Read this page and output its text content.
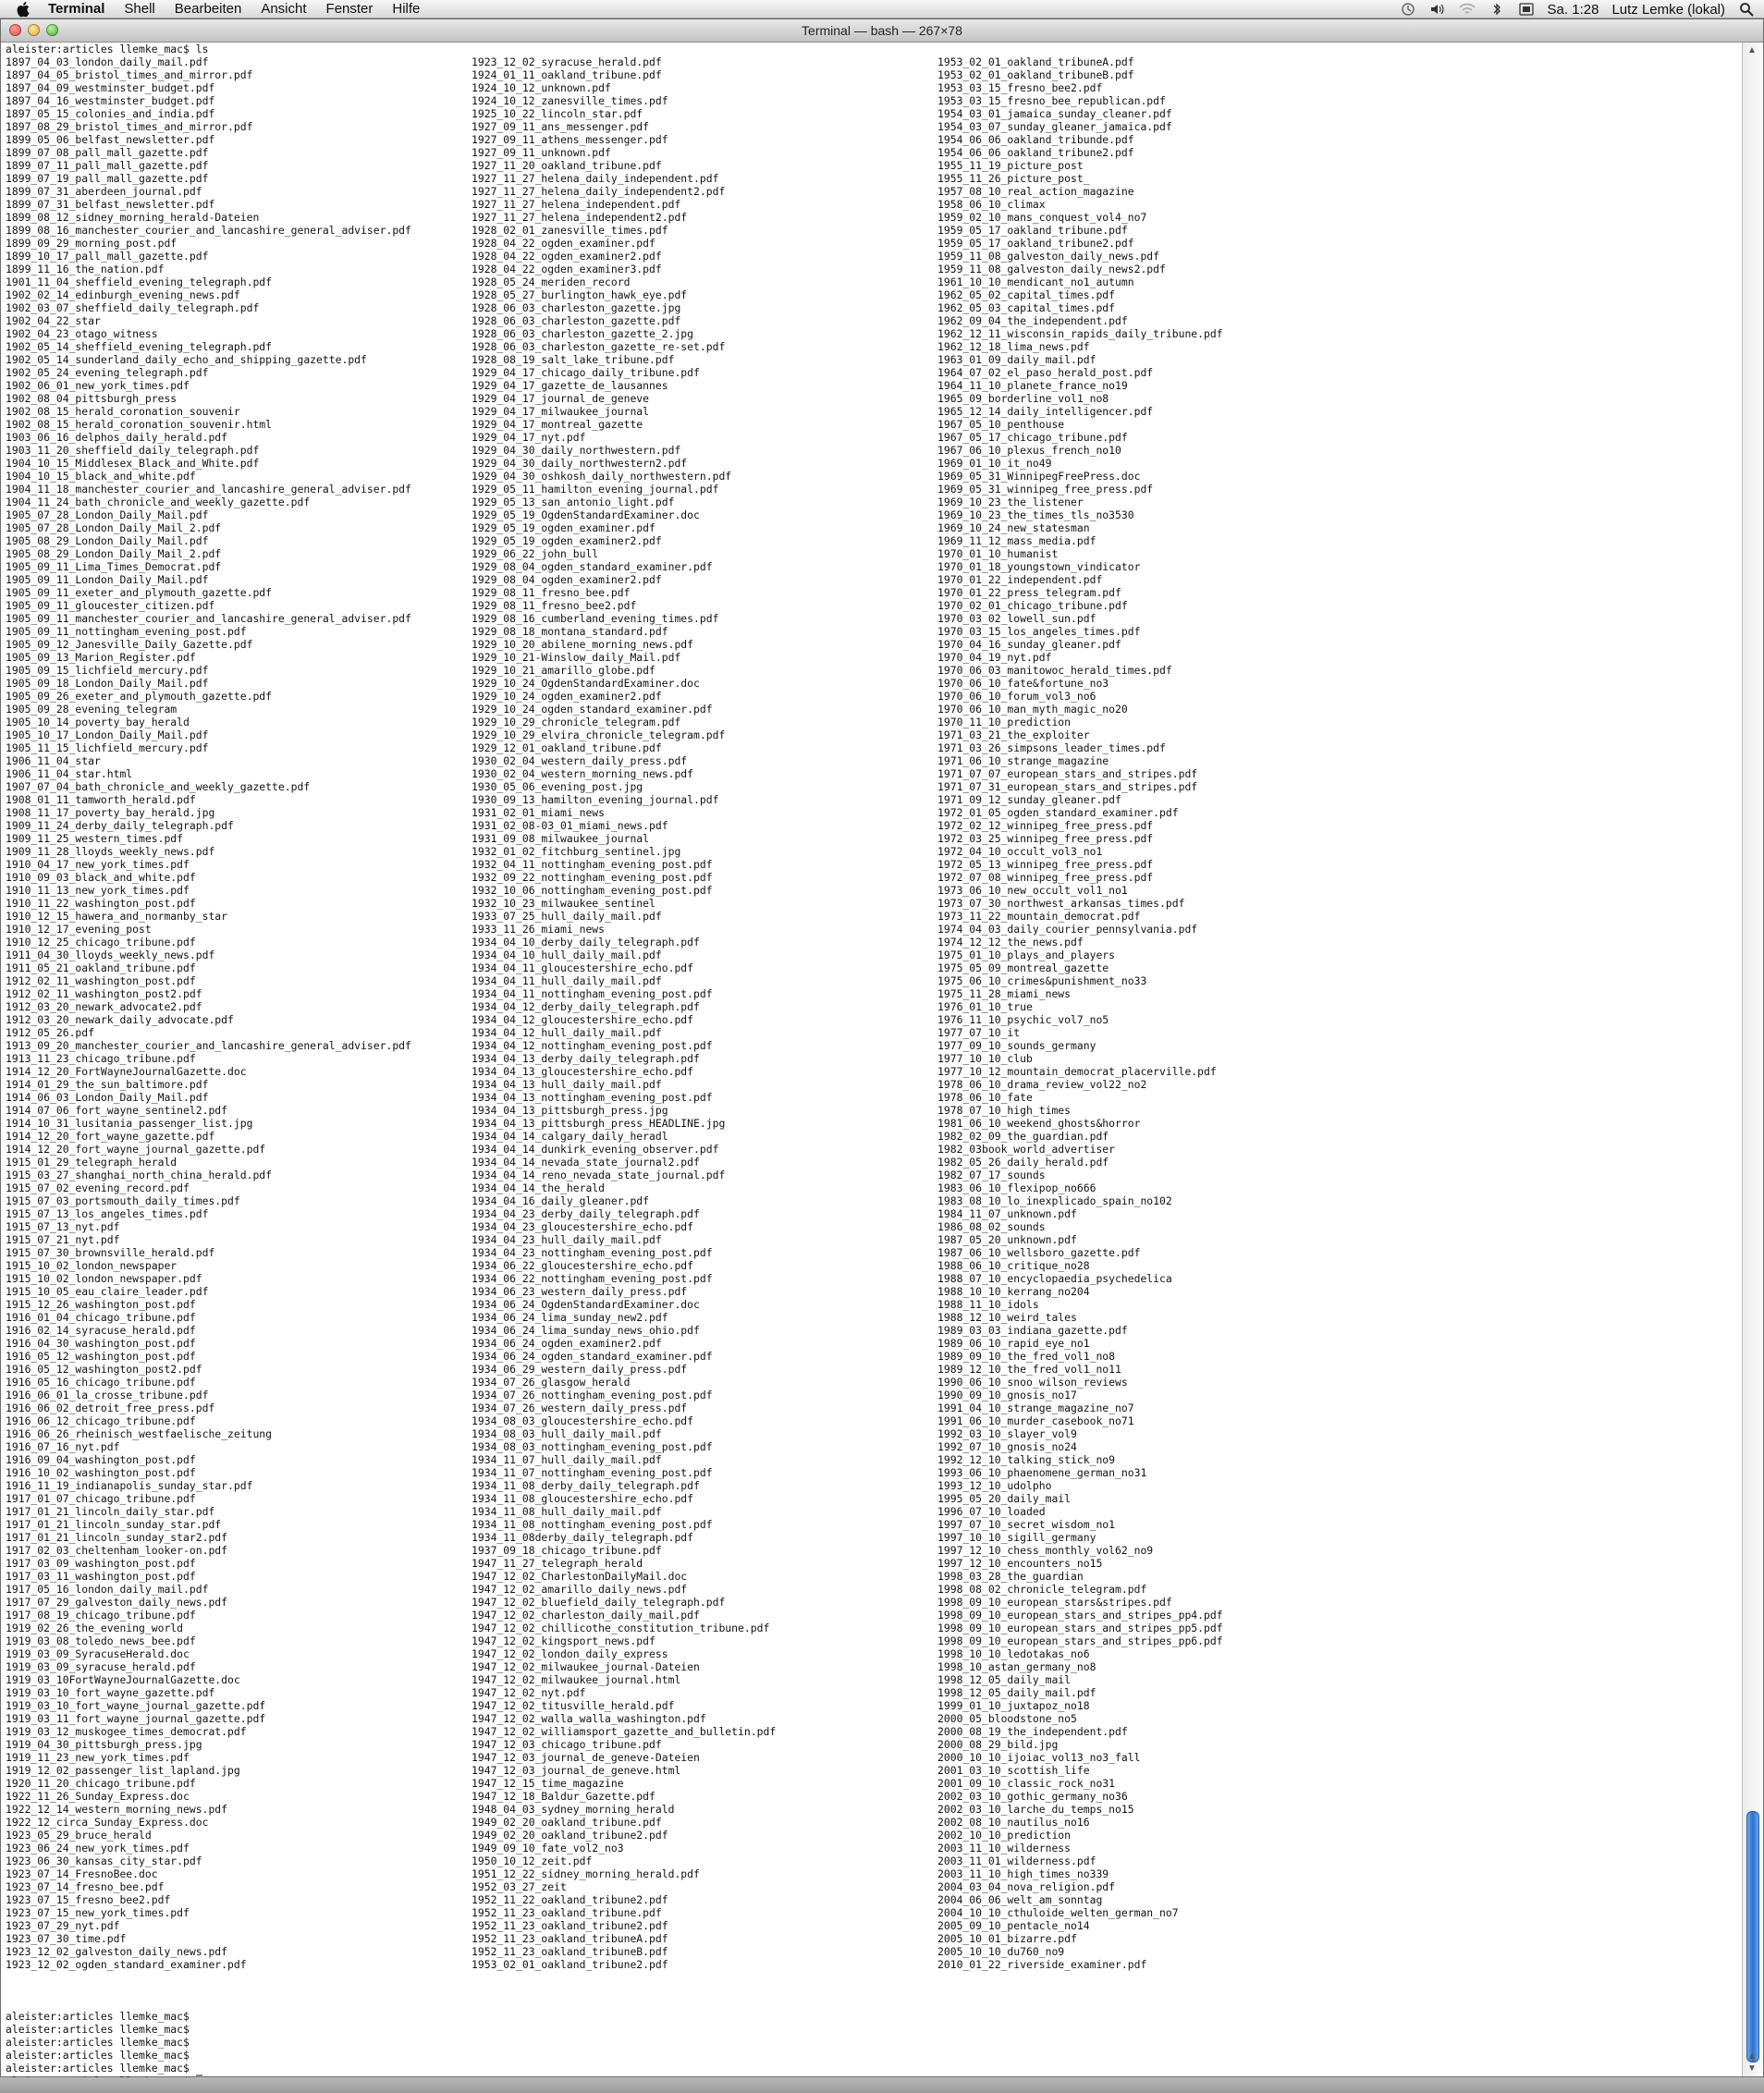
Terminal Shell Bearbeiten Ansicht Fenster Hilfe	Sa. 1:28 Lutz Lemke (lokal)
Terminal — bash — 267×78
aleister:articles llemke_mac$ ls
1897_04_03_london_daily_mail.pdf
1897_04_05_bristol_times_and_mirror.pdf
1897_04_09_westminster_budget.pdf
1897_04_16_westminster_budget.pdf
1897_05_15_colonies_and_india.pdf
1897_08_29_bristol_times_and_mirror.pdf
1899_05_06_belfast_newsletter.pdf
1899_07_08_pall_mall_gazette.pdf
1899_07_11_pall_mall_gazette.pdf
1899_07_19_pall_mall_gazette.pdf
1899_07_31_aberdeen_journal.pdf
1899_07_31_belfast_newsletter.pdf
1899_08_12_sidney_morning_herald-Dateien
1899_08_16_manchester_courier_and_lancashire_general_adviser.pdf
1899_09_29_morning_post.pdf
1899_10_17_pall_mall_gazette.pdf
1899_11_16_the_nation.pdf
1901_11_04_sheffield_evening_telegraph.pdf
1902_02_14_edinburgh_evening_news.pdf
1902_03_07_sheffield_daily_telegraph.pdf
1902_04_22_star
1902_04_23_otago_witness
1902_05_14_sheffield_evening_telegraph.pdf
1902_05_14_sunderland_daily_echo_and_shipping_gazette.pdf
1902_05_24_evening_telegraph.pdf
1902_06_01_new_york_times.pdf
1902_08_04_pittsburgh_press
1902_08_15_herald_coronation_souvenir
1902_08_15_herald_coronation_souvenir.html
1903_06_16_delphos_daily_herald.pdf
1903_11_20_sheffield_daily_telegraph.pdf
1904_10_15_Middlesex_Black_and_White.pdf
1904_10_15_black_and_white.pdf
1904_11_18_manchester_courier_and_lancashire_general_adviser.pdf
1904_11_24_bath_chronicle_and_weekly_gazette.pdf
1905_07_28_London_Daily_Mail.pdf
1905_07_28_London_Daily_Mail_2.pdf
1905_08_29_London_Daily_Mail.pdf
1905_08_29_London_Daily_Mail_2.pdf
1905_09_11_Lima_Times_Democrat.pdf
1905_09_11_London_Daily_Mail.pdf
1905_09_11_exeter_and_plymouth_gazette.pdf
1905_09_11_gloucester_citizen.pdf
1905_09_11_manchester_courier_and_lancashire_general_adviser.pdf
1905_09_11_nottingham_evening_post.pdf
1905_09_12_Janesville_Daily_Gazette.pdf
1905_09_13_Marion_Register.pdf
1905_09_15_lichfield_mercury.pdf
1905_09_18_London_Daily_Mail.pdf
1905_09_26_exeter_and_plymouth_gazette.pdf
1905_09_28_evening_telegram
1905_10_14_poverty_bay_herald
1905_10_17_London_Daily_Mail.pdf
1905_11_15_lichfield_mercury.pdf
1906_11_04_star
1906_11_04_star.html
1907_07_04_bath_chronicle_and_weekly_gazette.pdf
1908_01_11_tamworth_herald.pdf
1908_11_17_poverty_bay_herald.jpg
1909_11_24_derby_daily_telegraph.pdf
1909_11_25_western_times.pdf
1909_11_28_lloyds_weekly_news.pdf
1910_04_17_new_york_times.pdf
1910_09_03_black_and_white.pdf
1910_11_13_new_york_times.pdf
1910_11_22_washington_post.pdf
1910_12_15_hawera_and_normanby_star
1910_12_17_evening_post
1910_12_25_chicago_tribune.pdf
1911_04_30_lloyds_weekly_news.pdf
1911_05_21_oakland_tribune.pdf
1912_02_11_washington_post.pdf
1912_02_11_washington_post2.pdf
1912_03_20_newark_advocate2.pdf
1912_03_20_newark_daily_advocate.pdf
1912_05_26.pdf
1913_09_20_manchester_courier_and_lancashire_general_adviser.pdf
1913_11_23_chicago_tribune.pdf
1914_12_20_FortWayneJournalGazette.doc
1914_01_29_the_sun_baltimore.pdf
1914_06_03_London_Daily_Mail.pdf
1914_07_06_fort_wayne_sentinel2.pdf
1914_10_31_lusitania_passenger_list.jpg
1914_12_20_fort_wayne_gazette.pdf
1914_12_20_fort_wayne_journal_gazette.pdf
1915_01_29_telegraph_herald
1915_03_27_shanghai_north_china_herald.pdf
1915_07_02_evening_record.pdf
1915_07_03_portsmouth_daily_times.pdf
1915_07_13_los_angeles_times.pdf
1915_07_13_nyt.pdf
1915_07_21_nyt.pdf
1915_07_30_brownsville_herald.pdf
1915_10_02_london_newspaper
1915_10_02_london_newspaper.pdf
1915_10_05_eau_claire_leader.pdf
1915_12_26_washington_post.pdf
1916_01_04_chicago_tribune.pdf
1916_02_14_syracuse_herald.pdf
1916_04_30_washington_post.pdf
1916_05_12_washington_post.pdf
1916_05_12_washington_post2.pdf
1916_05_16_chicago_tribune.pdf
1916_06_01_la_crosse_tribune.pdf
1916_06_02_detroit_free_press.pdf
1916_06_12_chicago_tribune.pdf
1916_06_26_rheinisch_westfaelische_zeitung
1916_07_16_nyt.pdf
1916_09_04_washington_post.pdf
1916_10_02_washington_post.pdf
1916_11_19_indianapolis_sunday_star.pdf
1917_01_07_chicago_tribune.pdf
1917_01_21_lincoln_daily_star.pdf
1917_01_21_lincoln_sunday_star.pdf
1917_01_21_lincoln_sunday_star2.pdf
1917_02_03_cheltenham_looker-on.pdf
1917_03_09_washington_post.pdf
1917_03_11_washington_post.pdf
1917_05_16_london_daily_mail.pdf
1917_07_29_galveston_daily_news.pdf
1917_08_19_chicago_tribune.pdf
1919_02_26_the_evening_world
1919_03_08_toledo_news_bee.pdf
1919_03_09_SyracuseHerald.doc
1919_03_09_syracuse_herald.pdf
1919_03_10FortWayneJournalGazette.doc
1919_03_10_fort_wayne_gazette.pdf
1919_03_10_fort_wayne_journal_gazette.pdf
1919_03_11_fort_wayne_journal_gazette.pdf
1919_03_12_muskogee_times_democrat.pdf
1919_04_30_pittsburgh_press.jpg
1919_11_23_new_york_times.pdf
1919_12_02_passenger_list_lapland.jpg
1920_11_20_chicago_tribune.pdf
1922_11_26_Sunday_Express.doc
1922_12_14_western_morning_news.pdf
1922_12_circa_Sunday_Express.doc
1923_05_29_bruce_herald
1923_06_24_new_york_times.pdf
1923_06_30_kansas_city_star.pdf
1923_07_14_FresnoBee.doc
1923_07_14_fresno_bee.pdf
1923_07_15_fresno_bee2.pdf
1923_07_15_new_york_times.pdf
1923_07_29_nyt.pdf
1923_07_30_time.pdf
1923_12_02_galveston_daily_news.pdf
1923_12_02_ogden_standard_examiner.pdf
1923_12_02_syracuse_herald.pdf
1924_01_11_oakland_tribune.pdf
1924_10_12_unknown.pdf
1924_10_12_zanesville_times.pdf
1925_10_22_lincoln_star.pdf
1927_09_11_ans_messenger.pdf
1927_09_11_athens_messenger.pdf
1927_09_11_unknown.pdf
1927_11_20_oakland_tribune.pdf
1927_11_27_helena_daily_independent.pdf
1927_11_27_helena_daily_independent2.pdf
1927_11_27_helena_independent.pdf
1927_11_27_helena_independent2.pdf
1928_02_01_zanesville_times.pdf
1928_04_22_ogden_examiner.pdf
1928_04_22_ogden_examiner2.pdf
1928_04_22_ogden_examiner3.pdf
1928_05_24_meriden_record
1928_05_27_burlington_hawk_eye.pdf
1928_06_03_charleston_gazette.jpg
1928_06_03_charleston_gazette.pdf
1928_06_03_charleston_gazette_2.jpg
1928_06_03_charleston_gazette_re-set.pdf
1928_08_19_salt_lake_tribune.pdf
1929_04_17_chicago_daily_tribune.pdf
1929_04_17_gazette_de_lausannes
1929_04_17_journal_de_geneve
1929_04_17_milwaukee_journal
1929_04_17_montreal_gazette
1929_04_17_nyt.pdf
1929_04_30_daily_northwestern.pdf
1929_04_30_daily_northwestern2.pdf
1929_04_30_oshkosh_daily_northwestern.pdf
1929_05_11_hamilton_evening_journal.pdf
1929_05_13_san_antonio_light.pdf
1929_05_19_OgdenStandardExaminer.doc
1929_05_19_ogden_examiner.pdf
1929_05_19_ogden_examiner2.pdf
1929_06_22_john_bull
1929_08_04_ogden_standard_examiner.pdf
1929_08_04_ogden_examiner2.pdf
1929_08_11_fresno_bee.pdf
1929_08_11_fresno_bee2.pdf
1929_08_16_cumberland_evening_times.pdf
1929_08_18_montana_standard.pdf
1929_10_20_abilene_morning_news.pdf
1929_10_21-Winslow_daily_Mail.pdf
1929_10_21_amarillo_globe.pdf
1929_10_24_OgdenStandardExaminer.doc
1929_10_24_ogden_examiner2.pdf
1929_10_24_ogden_standard_examiner.pdf
1929_10_29_chronicle_telegram.pdf
1929_10_29_elvira_chronicle_telegram.pdf
1929_12_01_oakland_tribune.pdf
1930_02_04_western_daily_press.pdf
1930_02_04_western_morning_news.pdf
1930_05_06_evening_post.jpg
1930_09_13_hamilton_evening_journal.pdf
1931_02_01_miami_news
1931_02_08-03_01_miami_news.pdf
1931_09_08_milwaukee_journal
1932_01_02_fitchburg_sentinel.jpg
1932_04_11_nottingham_evening_post.pdf
1932_09_22_nottingham_evening_post.pdf
1932_10_06_nottingham_evening_post.pdf
1932_10_23_milwaukee_sentinel
1933_07_25_hull_daily_mail.pdf
1933_11_26_miami_news
1934_04_10_derby_daily_telegraph.pdf
1934_04_10_hull_daily_mail.pdf
1934_04_11_gloucestershire_echo.pdf
1934_04_11_hull_daily_mail.pdf
1934_04_11_nottingham_evening_post.pdf
1934_04_12_derby_daily_telegraph.pdf
1934_04_12_gloucestershire_echo.pdf
1934_04_12_hull_daily_mail.pdf
1934_04_12_nottingham_evening_post.pdf
1934_04_13_derby_daily_telegraph.pdf
1934_04_13_gloucestershire_echo.pdf
1934_04_13_hull_daily_mail.pdf
1934_04_13_nottingham_evening_post.pdf
1934_04_13_pittsburgh_press.jpg
1934_04_13_pittsburgh_press_HEADLINE.jpg
1934_04_14_calgary_daily_heradl
1934_04_14_dunkirk_evening_observer.pdf
1934_04_14_nevada_state_journal2.pdf
1934_04_14_reno_nevada_state_journal.pdf
1934_04_14_the_herald
1934_04_16_daily_gleaner.pdf
1934_04_23_derby_daily_telegraph.pdf
1934_04_23_gloucestershire_echo.pdf
1934_04_23_hull_daily_mail.pdf
1934_04_23_nottingham_evening_post.pdf
1934_06_22_gloucestershire_echo.pdf
1934_06_22_nottingham_evening_post.pdf
1934_06_23_western_daily_press.pdf
1934_06_24_OgdenStandardExaminer.doc
1934_06_24_lima_sunday_new2.pdf
1934_06_24_lima_sunday_news_ohio.pdf
1934_06_24_ogden_examiner2.pdf
1934_06_24_ogden_standard_examiner.pdf
1934_06_29_western_daily_press.pdf
1934_07_26_glasgow_herald
1934_07_26_nottingham_evening_post.pdf
1934_07_26_western_daily_press.pdf
1934_08_03_gloucestershire_echo.pdf
1934_08_03_hull_daily_mail.pdf
1934_08_03_nottingham_evening_post.pdf
1934_11_07_hull_daily_mail.pdf
1934_11_07_nottingham_evening_post.pdf
1934_11_08_derby_daily_telegraph.pdf
1934_11_08_gloucestershire_echo.pdf
1934_11_08_hull_daily_mail.pdf
1934_11_08_nottingham_evening_post.pdf
1934_11_08derby_daily_telegraph.pdf
1937_09_18_chicago_tribune.pdf
1947_11_27_telegraph_herald
1947_12_02_CharlestonDailyMail.doc
1947_12_02_amarillo_daily_news.pdf
1947_12_02_bluefield_daily_telegraph.pdf
1947_12_02_charleston_daily_mail.pdf
1947_12_02_chillicothe_constitution_tribune.pdf
1947_12_02_kingsport_news.pdf
1947_12_02_london_daily_express
1947_12_02_milwaukee_journal-Dateien
1947_12_02_milwaukee_journal.html
1947_12_02_nyt.pdf
1947_12_02_titusville_herald.pdf
1947_12_02_walla_walla_washington.pdf
1947_12_02_williamsport_gazette_and_bulletin.pdf
1947_12_03_chicago_tribune.pdf
1947_12_03_journal_de_geneve-Dateien
1947_12_03_journal_de_geneve.html
1947_12_15_time_magazine
1947_12_18_Baldur_Gazette.pdf
1948_04_03_sydney_morning_herald
1949_02_20_oakland_tribune.pdf
1949_02_20_oakland_tribune2.pdf
1949_09_10_fate_vol2_no3
1950_10_12_zeit.pdf
1951_12_22_sidney_morning_herald.pdf
1952_03_27_zeit
1952_11_22_oakland_tribune2.pdf
1952_11_23_oakland_tribune.pdf
1952_11_23_oakland_tribune2.pdf
1952_11_23_oakland_tribuneA.pdf
1952_11_23_oakland_tribuneB.pdf
1953_02_01_oakland_tribune2.pdf
1953_02_01_oakland_tribuneA.pdf
1953_02_01_oakland_tribuneB.pdf
1953_03_15_fresno_bee2.pdf
1953_03_15_fresno_bee_republican.pdf
1954_03_01_jamaica_sunday_cleaner.pdf
1954_03_07_sunday_gleaner_jamaica.pdf
1954_06_06_oakland_tribunde.pdf
1954_06_06_oakland_tribune2.pdf
1955_11_19_picture_post
1955_11_26_picture_post_
1957_08_10_real_action_magazine
1958_06_10_climax
1959_02_10_mans_conquest_vol4_no7
1959_05_17_oakland_tribune.pdf
1959_05_17_oakland_tribune2.pdf
1959_11_08_galveston_daily_news.pdf
1959_11_08_galveston_daily_news2.pdf
1961_10_10_mendicant_no1_autumn
1962_05_02_capital_times.pdf
1962_05_03_capital_times.pdf
1962_09_04_the_independent.pdf
1962_12_11_wisconsin_rapids_daily_tribune.pdf
1962_12_18_lima_news.pdf
1963_01_09_daily_mail.pdf
1964_07_02_el_paso_herald_post.pdf
1964_11_10_planete_france_no19
1965_09_borderline_vol1_no8
1965_12_14_daily_intelligencer.pdf
1967_05_10_penthouse
1967_05_17_chicago_tribune.pdf
1967_06_10_plexus_french_no10
1969_01_10_it_no49
1969_05_31_WinnipegFreePress.doc
1969_05_31_winnipeg_free_press.pdf
1969_10_23_the_listener
1969_10_23_the_times_tls_no3530
1969_10_24_new_statesman
1969_11_12_mass_media.pdf
1970_01_10_humanist
1970_01_18_youngstown_vindicator
1970_01_22_independent.pdf
1970_01_22_press_telegram.pdf
1970_02_01_chicago_tribune.pdf
1970_03_02_lowell_sun.pdf
1970_03_15_los_angeles_times.pdf
1970_04_16_sunday_gleaner.pdf
1970_04_19_nyt.pdf
1970_06_03_manitowoc_herald_times.pdf
1970_06_10_fate&fortune_no3
1970_06_10_forum_vol3_no6
1970_06_10_man_myth_magic_no20
1970_11_10_prediction
1971_03_21_the_exploiter
1971_03_26_simpsons_leader_times.pdf
1971_06_10_strange_magazine
1971_07_07_european_stars_and_stripes.pdf
1971_07_31_european_stars_and_stripes.pdf
1971_09_12_sunday_gleaner.pdf
1972_01_05_ogden_standard_examiner.pdf
1972_02_12_winnipeg_free_press.pdf
1972_03_25_winnipeg_free_press.pdf
1972_04_10_occult_vol3_no1
1972_05_13_winnipeg_free_press.pdf
1972_07_08_winnipeg_free_press.pdf
1973_06_10_new_occult_vol1_no1
1973_07_30_northwest_arkansas_times.pdf
1973_11_22_mountain_democrat.pdf
1974_04_03_daily_courier_pennsylvania.pdf
1974_12_12_the_news.pdf
1975_01_10_plays_and_players
1975_05_09_montreal_gazette
1975_06_10_crimes&punishment_no33
1975_11_28_miami_news
1976_01_10_true
1976_11_10_psychic_vol7_no5
1977_07_10_it
1977_09_10_sounds_germany
1977_10_10_club
1977_10_12_mountain_democrat_placerville.pdf
1978_06_10_drama_review_vol22_no2
1978_06_10_fate
1978_07_10_high_times
1981_06_10_weekend_ghosts&horror
1982_02_09_the_guardian.pdf
1982_03book_world_advertiser
1982_05_26_daily_herald.pdf
1982_07_17_sounds
1983_06_10_flexipop_no666
1983_08_10_lo_inexplicado_spain_no102
1984_11_07_unknown.pdf
1986_08_02_sounds
1987_05_20_unknown.pdf
1987_06_10_wellsboro_gazette.pdf
1988_06_10_critique_no28
1988_07_10_encyclopaedia_psychedelica
1988_10_10_kerrang_no204
1988_11_10_idols
1988_12_10_weird_tales
1989_03_03_indiana_gazette.pdf
1989_06_10_rapid_eye_no1
1989_09_10_the_fred_vol1_no8
1989_12_10_the_fred_vol1_no11
1990_06_10_snoo_wilson_reviews
1990_09_10_gnosis_no17
1991_04_10_strange_magazine_no7
1991_06_10_murder_casebook_no71
1992_03_10_slayer_vol9
1992_07_10_gnosis_no24
1992_12_10_talking_stick_no9
1993_06_10_phaenomene_german_no31
1993_12_10_udolpho
1995_05_20_daily_mail
1996_07_10_loaded
1997_07_10_secret_wisdom_no1
1997_10_10_sigill_germany
1997_12_10_chess_monthly_vol62_no9
1997_12_10_encounters_no15
1998_03_28_the_guardian
1998_08_02_chronicle_telegram.pdf
1998_09_10_european_stars&stripes.pdf
1998_09_10_european_stars_and_stripes_pp4.pdf
1998_09_10_european_stars_and_stripes_pp5.pdf
1998_09_10_european_stars_and_stripes_pp6.pdf
1998_10_10_ledotakas_no6
1998_10_astan_germany_no8
1998_12_05_daily_mail
1998_12_05_daily_mail.pdf
1999_01_10_juxtapoz_no18
2000_05_bloodstone_no5
2000_08_19_the_independent.pdf
2000_08_29_bild.jpg
2000_10_10_ijoiac_vol13_no3_fall
2001_03_10_scottish_life
2001_09_10_classic_rock_no31
2002_03_10_gothic_germany_no36
2002_03_10_larche_du_temps_no15
2002_08_10_nautilus_no16
2002_10_10_prediction
2003_11_10_wilderness
2003_11_01_wilderness.pdf
2003_11_10_high_times_no339
2004_03_04_nova_religion.pdf
2004_06_06_welt_am_sonntag
2004_10_10_cthuloide_welten_german_no7
2005_09_10_pentacle_no14
2005_10_01_bizarre.pdf
2005_10_10_du760_no9
2010_01_22_riverside_examiner.pdf
aleister:articles llemke_mac$
aleister:articles llemke_mac$
aleister:articles llemke_mac$
aleister:articles llemke_mac$
aleister:articles llemke_mac$
▲
▲
▼
